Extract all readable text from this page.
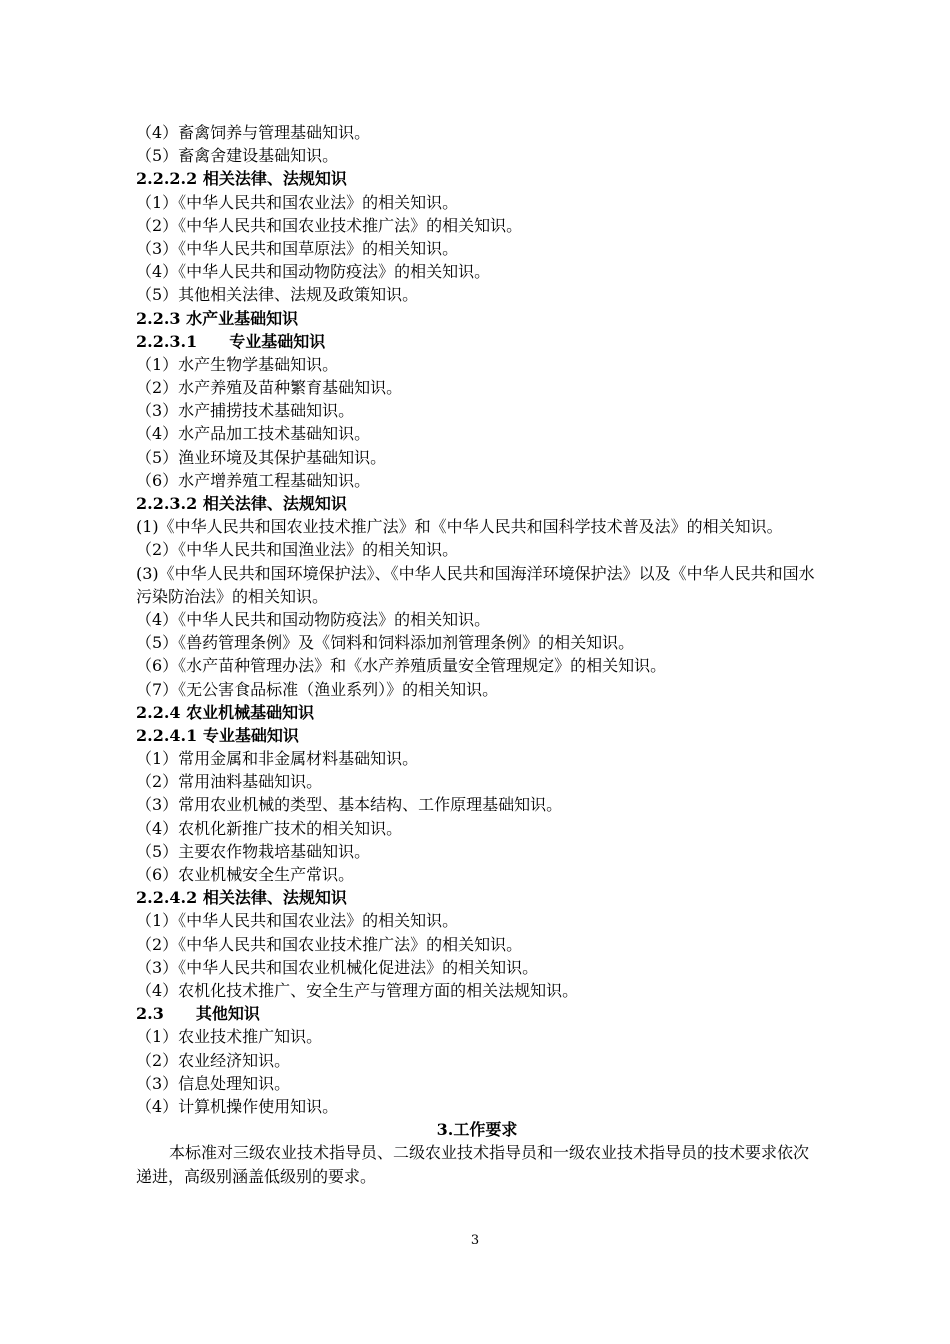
（4）畜禽饲养与管理基础知识。
（5）畜禽舍建设基础知识。
2.2.2.2 相关法律、法规知识
（1）《中华人民共和国农业法》的相关知识。
（2）《中华人民共和国农业技术推广法》的相关知识。
（3）《中华人民共和国草原法》的相关知识。
（4）《中华人民共和国动物防疫法》的相关知识。
（5）其他相关法律、法规及政策知识。
2.2.3 水产业基础知识
2.2.3.1　　专业基础知识
（1）水产生物学基础知识。
（2）水产养殖及苗种繁育基础知识。
（3）水产捕捞技术基础知识。
（4）水产品加工技术基础知识。
（5）渔业环境及其保护基础知识。
（6）水产增养殖工程基础知识。
2.2.3.2 相关法律、法规知识
(1)《中华人民共和国农业技术推广法》和《中华人民共和国科学技术普及法》的相关知识。
（2）《中华人民共和国渔业法》的相关知识。
(3)《中华人民共和国环境保护法》、《中华人民共和国海洋环境保护法》以及《中华人民共和国水污染防治法》的相关知识。
（4）《中华人民共和国动物防疫法》的相关知识。
（5）《兽药管理条例》及《饲料和饲料添加剂管理条例》的相关知识。
（6）《水产苗种管理办法》和《水产养殖质量安全管理规定》的相关知识。
（7）《无公害食品标准（渔业系列）》的相关知识。
2.2.4 农业机械基础知识
2.2.4.1 专业基础知识
（1）常用金属和非金属材料基础知识。
（2）常用油料基础知识。
（3）常用农业机械的类型、基本结构、工作原理基础知识。
（4）农机化新推广技术的相关知识。
（5）主要农作物栽培基础知识。
（6）农业机械安全生产常识。
2.2.4.2 相关法律、法规知识
（1）《中华人民共和国农业法》的相关知识。
（2）《中华人民共和国农业技术推广法》的相关知识。
（3）《中华人民共和国农业机械化促进法》的相关知识。
（4）农机化技术推广、安全生产与管理方面的相关法规知识。
2.3　　其他知识
（1）农业技术推广知识。
（2）农业经济知识。
（3）信息处理知识。
（4）计算机操作使用知识。
3.工作要求
本标准对三级农业技术指导员、二级农业技术指导员和一级农业技术指导员的技术要求依次递进，高级别涵盖低级别的要求。
3
